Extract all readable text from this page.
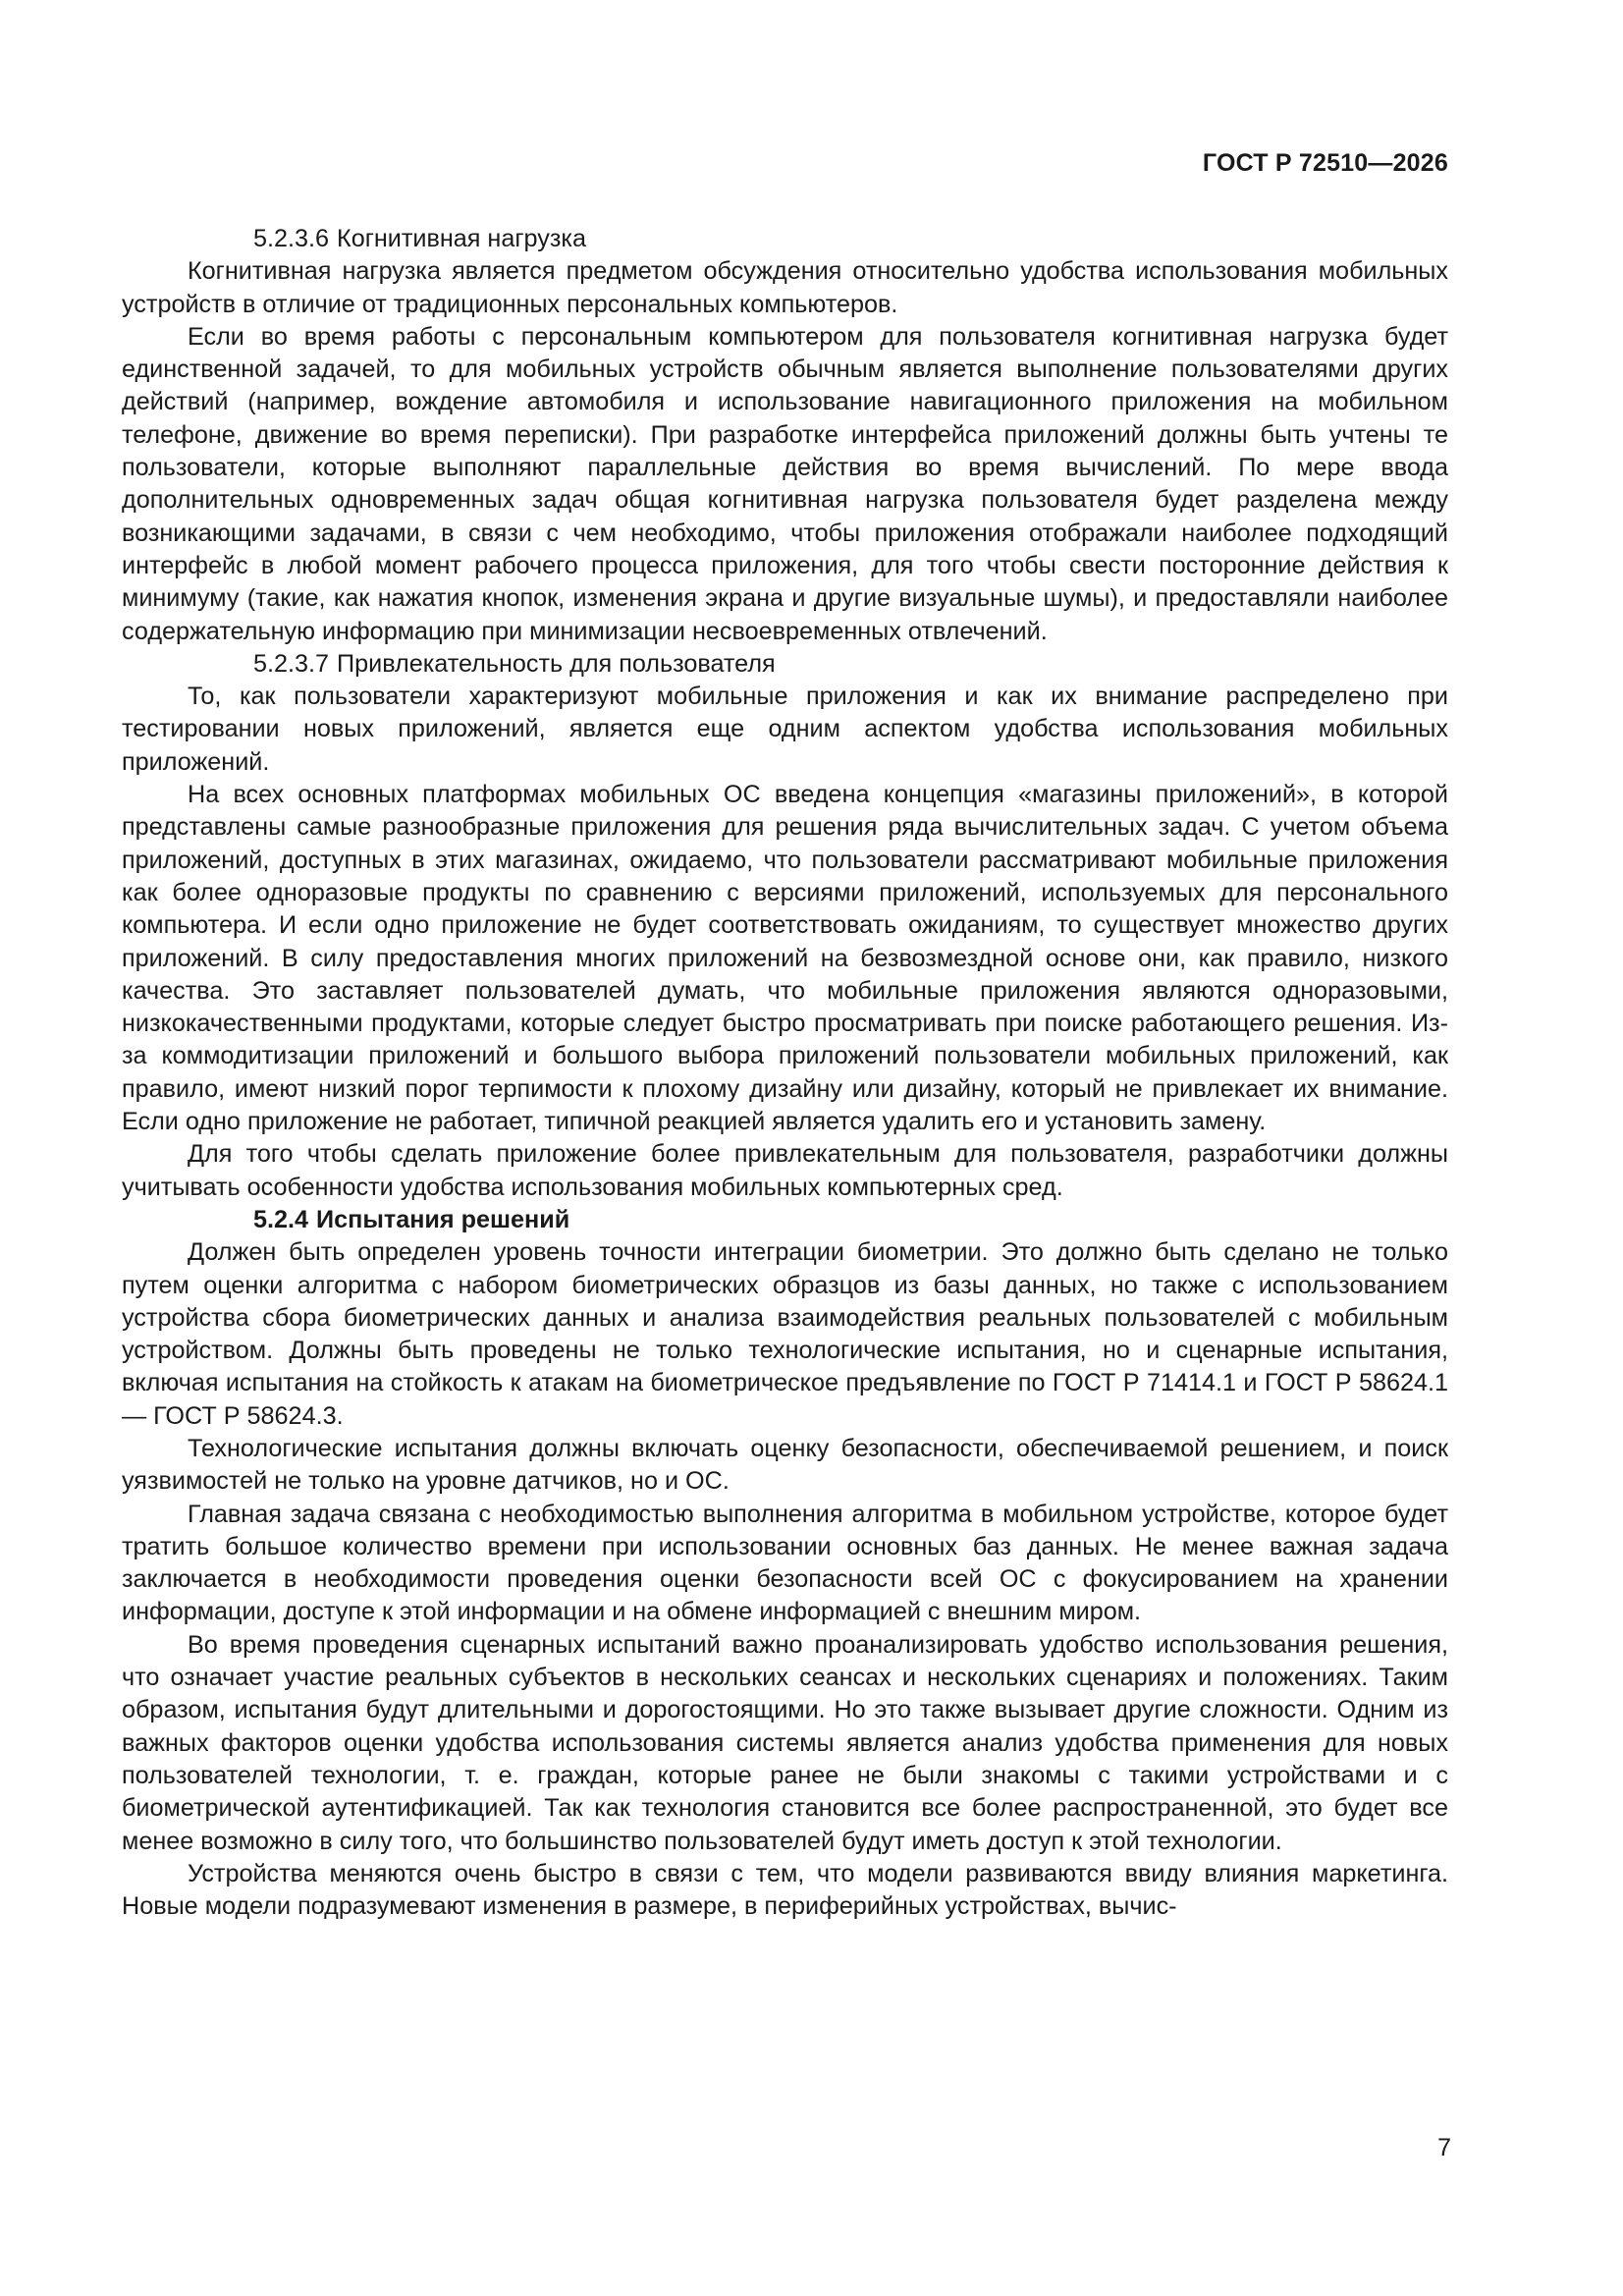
ГОСТ Р 72510—2026

5.2.3.6 Когнитивная нагрузка

Когнитивная нагрузка является предметом обсуждения относительно удобства использования мобильных устройств в отличие от традиционных персональных компьютеров.

Если во время работы с персональным компьютером для пользователя когнитивная нагрузка будет единственной задачей, то для мобильных устройств обычным является выполнение пользователями других действий (например, вождение автомобиля и использование навигационного приложения на мобильном телефоне, движение во время переписки). При разработке интерфейса приложений должны быть учтены те пользователи, которые выполняют параллельные действия во время вычислений. По мере ввода дополнительных одновременных задач общая когнитивная нагрузка пользователя будет разделена между возникающими задачами, в связи с чем необходимо, чтобы приложения отображали наиболее подходящий интерфейс в любой момент рабочего процесса приложения, для того чтобы свести посторонние действия к минимуму (такие, как нажатия кнопок, изменения экрана и другие визуальные шумы), и предоставляли наиболее содержательную информацию при минимизации несвоевременных отвлечений.

5.2.3.7 Привлекательность для пользователя

То, как пользователи характеризуют мобильные приложения и как их внимание распределено при тестировании новых приложений, является еще одним аспектом удобства использования мобильных приложений.

На всех основных платформах мобильных ОС введена концепция «магазины приложений», в которой представлены самые разнообразные приложения для решения ряда вычислительных задач. С учетом объема приложений, доступных в этих магазинах, ожидаемо, что пользователи рассматривают мобильные приложения как более одноразовые продукты по сравнению с версиями приложений, используемых для персонального компьютера. И если одно приложение не будет соответствовать ожиданиям, то существует множество других приложений. В силу предоставления многих приложений на безвозмездной основе они, как правило, низкого качества. Это заставляет пользователей думать, что мобильные приложения являются одноразовыми, низкокачественными продуктами, которые следует быстро просматривать при поиске работающего решения. Из-за коммодитизации приложений и большого выбора приложений пользователи мобильных приложений, как правило, имеют низкий порог терпимости к плохому дизайну или дизайну, который не привлекает их внимание. Если одно приложение не работает, типичной реакцией является удалить его и установить замену.

Для того чтобы сделать приложение более привлекательным для пользователя, разработчики должны учитывать особенности удобства использования мобильных компьютерных сред.

5.2.4 Испытания решений

Должен быть определен уровень точности интеграции биометрии. Это должно быть сделано не только путем оценки алгоритма с набором биометрических образцов из базы данных, но также с использованием устройства сбора биометрических данных и анализа взаимодействия реальных пользователей с мобильным устройством. Должны быть проведены не только технологические испытания, но и сценарные испытания, включая испытания на стойкость к атакам на биометрическое предъявление по ГОСТ Р 71414.1 и ГОСТ Р 58624.1 — ГОСТ Р 58624.3.

Технологические испытания должны включать оценку безопасности, обеспечиваемой решением, и поиск уязвимостей не только на уровне датчиков, но и ОС.

Главная задача связана с необходимостью выполнения алгоритма в мобильном устройстве, которое будет тратить большое количество времени при использовании основных баз данных. Не менее важная задача заключается в необходимости проведения оценки безопасности всей ОС с фокусированием на хранении информации, доступе к этой информации и на обмене информацией с внешним миром.

Во время проведения сценарных испытаний важно проанализировать удобство использования решения, что означает участие реальных субъектов в нескольких сеансах и нескольких сценариях и положениях. Таким образом, испытания будут длительными и дорогостоящими. Но это также вызывает другие сложности. Одним из важных факторов оценки удобства использования системы является анализ удобства применения для новых пользователей технологии, т. е. граждан, которые ранее не были знакомы с такими устройствами и с биометрической аутентификацией. Так как технология становится все более распространенной, это будет все менее возможно в силу того, что большинство пользователей будут иметь доступ к этой технологии.

Устройства меняются очень быстро в связи с тем, что модели развиваются ввиду влияния маркетинга. Новые модели подразумевают изменения в размере, в периферийных устройствах, вычис-

7
